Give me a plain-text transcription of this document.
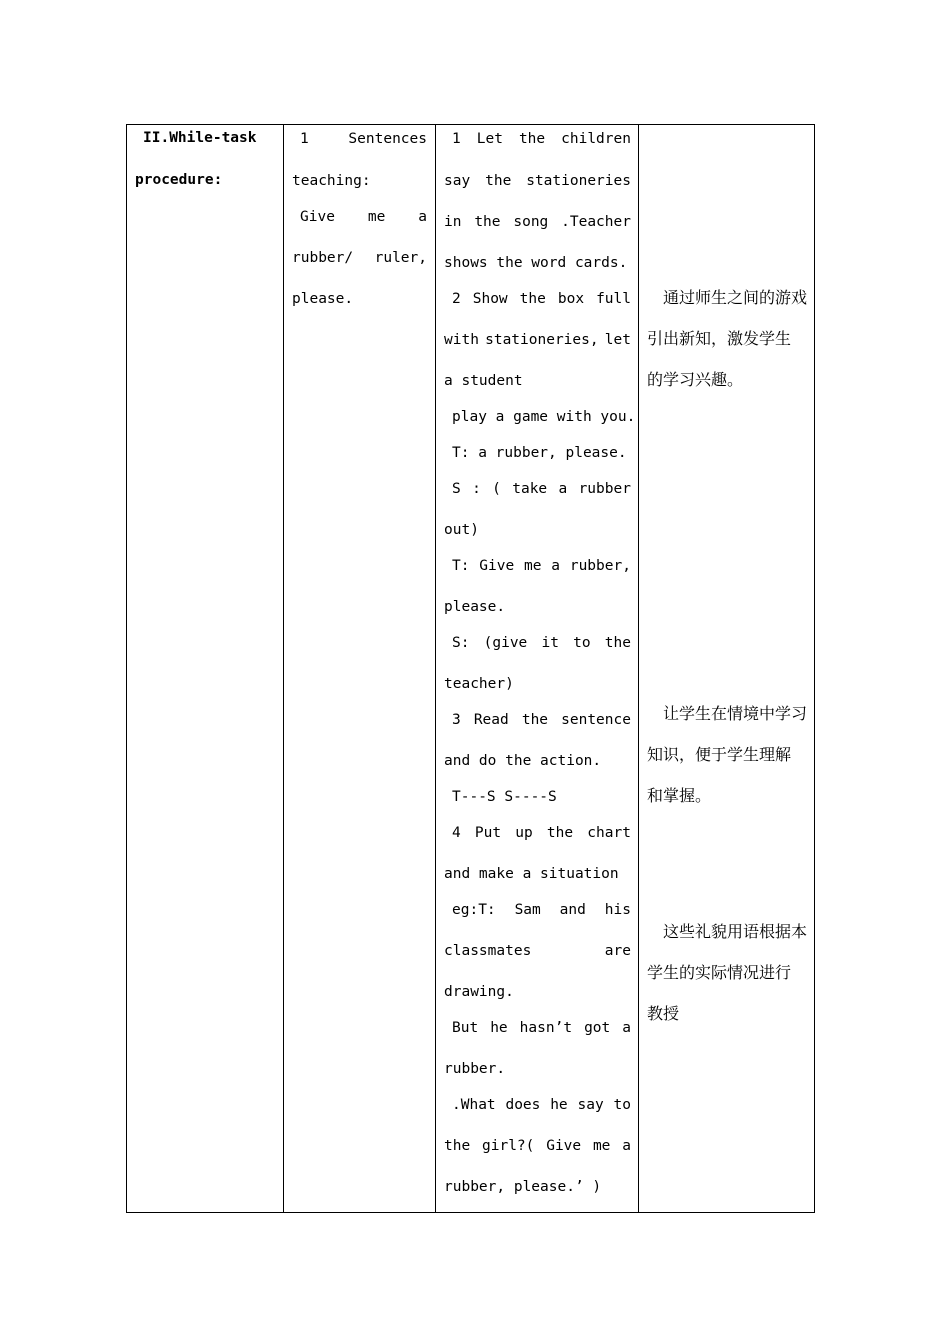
II.While-task
procedure:
1	Sentences
teaching:
Give me a
rubber/ ruler,
please.
1 Let the children
say the stationeries
in the song .Teacher
shows the word cards.
2 Show the box full
with stationeries, let
a student
play a game with you.
T: a rubber, please.
S : ( take a rubber
out)
T: Give me a rubber,
please.
S: (give it to the
teacher)
3 Read the sentence
and do the action.
T---S S----S
4 Put up the chart
and make a situation
eg:T: Sam and his
classmates	are
drawing.
But he hasn’t got a
rubber.
.What does he say to
the girl?( Give me a
rubber, please.’ )
　通过师生之间的游戏
引出新知，激发学生
的学习兴趣。
　让学生在情境中学习
知识，便于学生理解
和掌握。
　这些礼貌用语根据本
学生的实际情况进行
教授
